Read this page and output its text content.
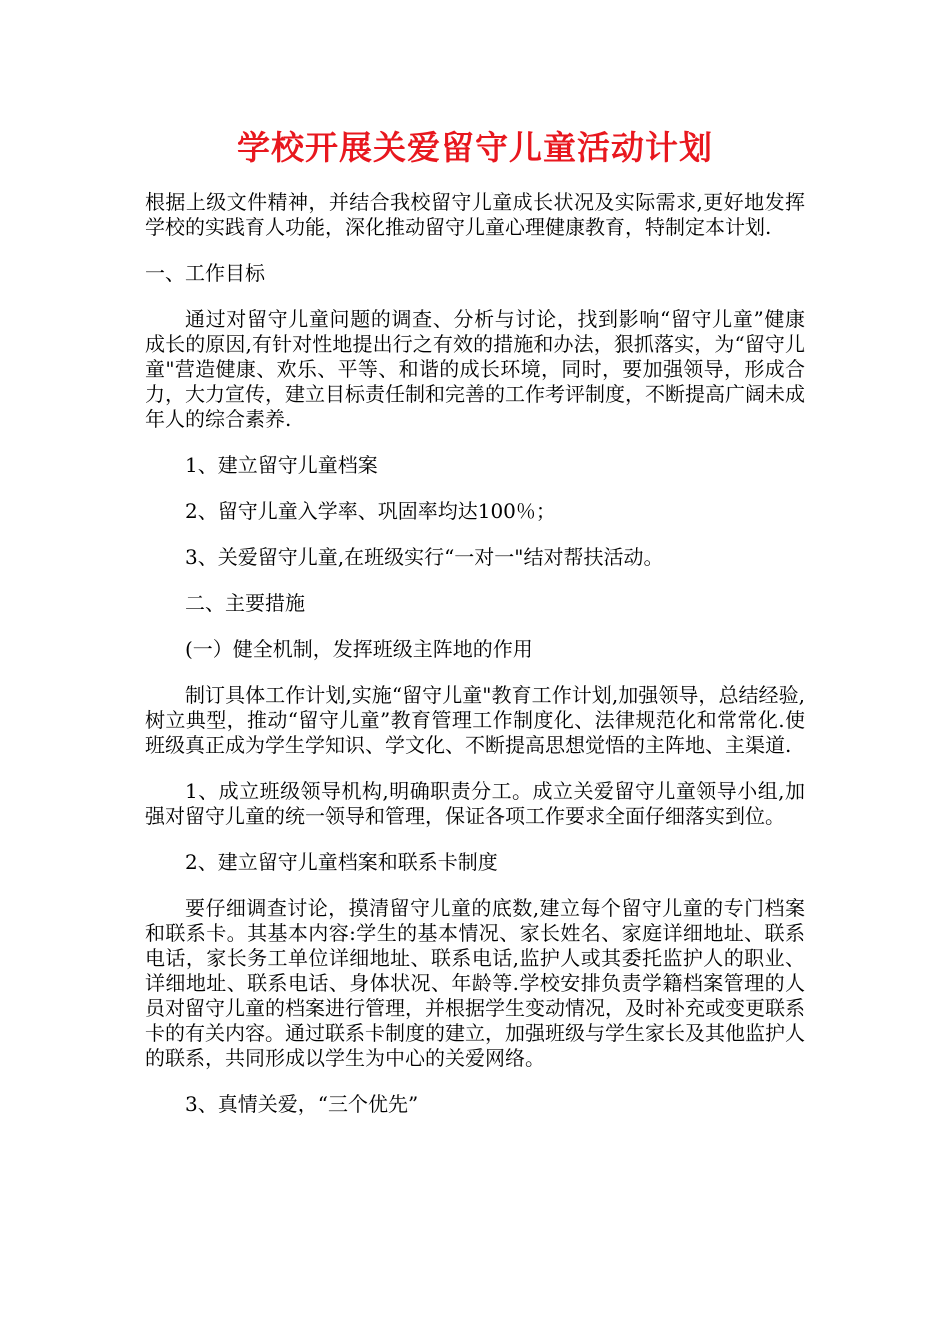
学校开展关爱留守儿童活动计划

根据上级文件精神，并结合我校留守儿童成长状况及实际需求,更好地发挥学校的实践育人功能，深化推动留守儿童心理健康教育，特制定本计划.

一、工作目标

通过对留守儿童问题的调查、分析与讨论，找到影响“留守儿童”健康成长的原因,有针对性地提出行之有效的措施和办法，狠抓落实，为“留守儿童"营造健康、欢乐、平等、和谐的成长环境，同时，要加强领导，形成合力，大力宣传，建立目标责任制和完善的工作考评制度，不断提高广阔未成年人的综合素养.

1、建立留守儿童档案

2、留守儿童入学率、巩固率均达100％；

3、关爱留守儿童,在班级实行“一对一"结对帮扶活动。

二、主要措施

(一）健全机制，发挥班级主阵地的作用

制订具体工作计划,实施“留守儿童"教育工作计划,加强领导，总结经验,树立典型，推动“留守儿童”教育管理工作制度化、法律规范化和常常化.使班级真正成为学生学知识、学文化、不断提高思想觉悟的主阵地、主渠道.

1、成立班级领导机构,明确职责分工。成立关爱留守儿童领导小组,加强对留守儿童的统一领导和管理，保证各项工作要求全面仔细落实到位。

2、建立留守儿童档案和联系卡制度

要仔细调查讨论，摸清留守儿童的底数,建立每个留守儿童的专门档案和联系卡。其基本内容:学生的基本情况、家长姓名、家庭详细地址、联系电话，家长务工单位详细地址、联系电话,监护人或其委托监护人的职业、详细地址、联系电话、身体状况、年龄等.学校安排负责学籍档案管理的人员对留守儿童的档案进行管理，并根据学生变动情况，及时补充或变更联系卡的有关内容。通过联系卡制度的建立，加强班级与学生家长及其他监护人的联系，共同形成以学生为中心的关爱网络。

3、真情关爱，“三个优先”
